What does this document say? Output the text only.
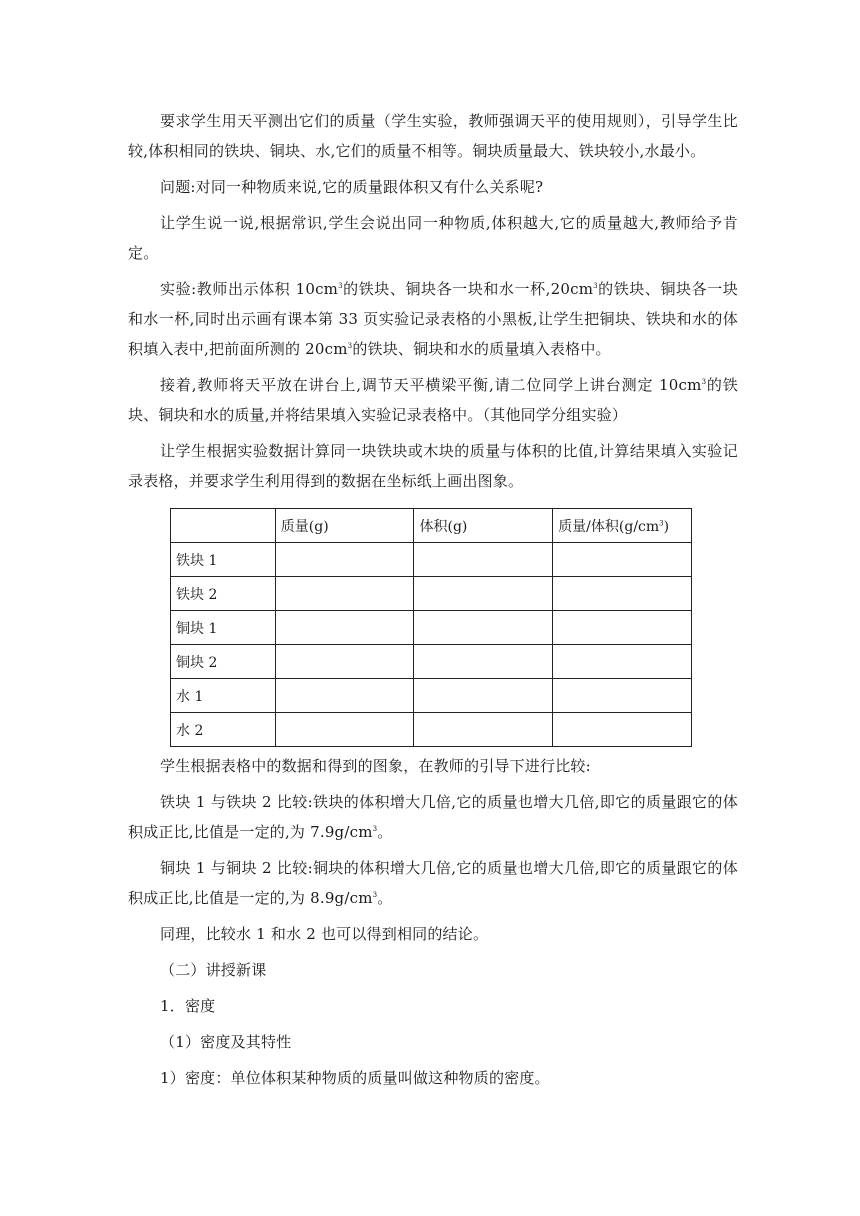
要求学生用天平测出它们的质量（学生实验，教师强调天平的使用规则），引导学生比较,体积相同的铁块、铜块、水,它们的质量不相等。铜块质量最大、铁块较小,水最小。

问题:对同一种物质来说,它的质量跟体积又有什么关系呢?

让学生说一说,根据常识,学生会说出同一种物质,体积越大,它的质量越大,教师给予肯定。

实验:教师出示体积 $10cm^3$的铁块、铜块各一块和水一杯$,20cm^3$的铁块、铜块各一块和水一杯,同时出示画有课本第 33 页实验记录表格的小黑板,让学生把铜块、铁块和水的体积填入表中,把前面所测的 $20cm^3$的铁块、铜块和水的质量填入表格中。

接着,教师将天平放在讲台上,调节天平横梁平衡,请二位同学上讲台测定 $10cm^3$的铁块、铜块和水的质量,并将结果填入实验记录表格中。（其他同学分组实验）

让学生根据实验数据计算同一块铁块或木块的质量与体积的比值,计算结果填入实验记录表格，并要求学生利用得到的数据在坐标纸上画出图象。

	质量(g)	体积(g)	质量/体积$(g/cm^3)$
铁块 1			
铁块 2			
铜块 1			
铜块 2			
水 1			
水 2			

学生根据表格中的数据和得到的图象，在教师的引导下进行比较:

铁块 1 与铁块 2 比较:铁块的体积增大几倍,它的质量也增大几倍,即它的质量跟它的体积成正比,比值是一定的,为 $7.9g/cm^3$。

铜块 1 与铜块 2 比较:铜块的体积增大几倍,它的质量也增大几倍,即它的质量跟它的体积成正比,比值是一定的,为 $8.9g/cm^3$。

同理，比较水 1 和水 2 也可以得到相同的结论。

（二）讲授新课

1．密度

（1）密度及其特性

1）密度：单位体积某种物质的质量叫做这种物质的密度。
